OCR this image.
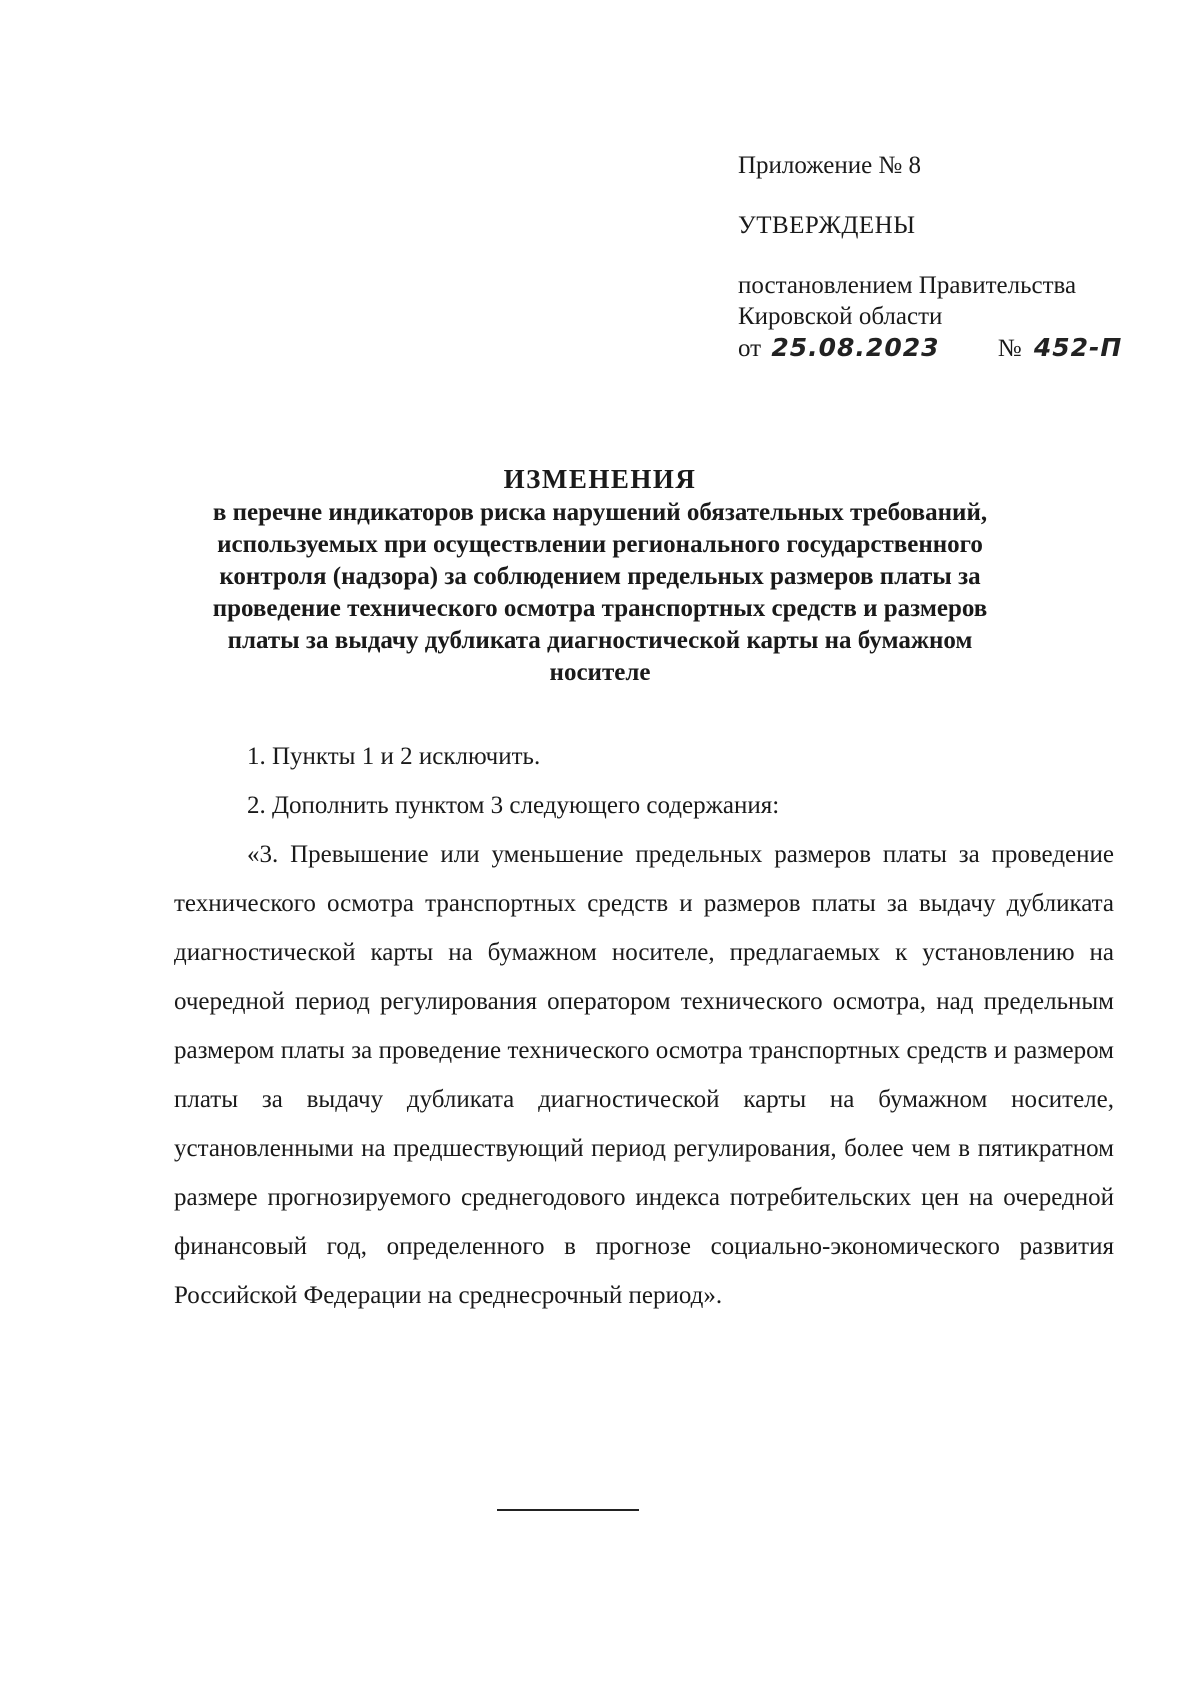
Приложение № 8

УТВЕРЖДЕНЫ

постановлением Правительства

Кировской области

от 25.08.2023 № 452-П

ИЗМЕНЕНИЯ
в перечне индикаторов риска нарушений обязательных требований,
используемых при осуществлении регионального государственного
контроля (надзора) за соблюдением предельных размеров платы за
проведение технического осмотра транспортных средств и размеров
платы за выдачу дубликата диагностической карты на бумажном
носителе

1. Пункты 1 и 2 исключить.

2. Дополнить пунктом 3 следующего содержания:

«3. Превышение или уменьшение предельных размеров платы за проведение технического осмотра транспортных средств и размеров платы за выдачу дубликата диагностической карты на бумажном носителе, предлагаемых к установлению на очередной период регулирования оператором технического осмотра, над предельным размером платы за проведение технического осмотра транспортных средств и размером платы за выдачу дубликата диагностической карты на бумажном носителе, установленными на предшествующий период регулирования, более чем в пятикратном размере прогнозируемого среднегодового индекса потребительских цен на очередной финансовый год, определенного в прогнозе социально-экономического развития Российской Федерации на среднесрочный период».
